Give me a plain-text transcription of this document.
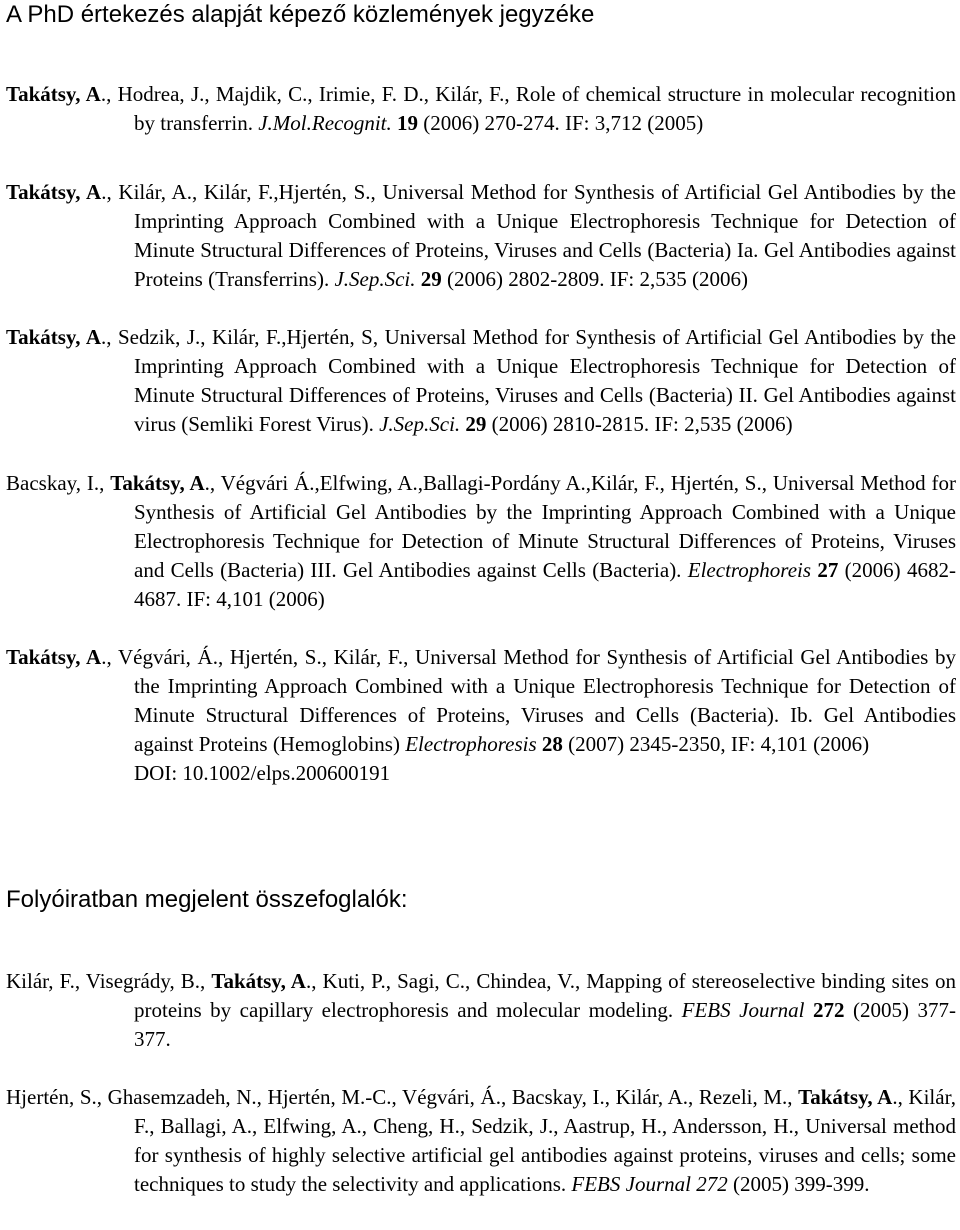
A PhD értekezés alapját képező közlemények jegyzéke
Takátsy, A., Hodrea, J., Majdik, C., Irimie, F. D., Kilár, F., Role of chemical structure in molecular recognition by transferrin. J.Mol.Recognit. 19 (2006) 270-274. IF: 3,712 (2005)
Takátsy, A., Kilár, A., Kilár, F.,Hjertén, S., Universal Method for Synthesis of Artificial Gel Antibodies by the Imprinting Approach Combined with a Unique Electrophoresis Technique for Detection of Minute Structural Differences of Proteins, Viruses and Cells (Bacteria) Ia. Gel Antibodies against Proteins (Transferrins). J.Sep.Sci. 29 (2006) 2802-2809. IF: 2,535 (2006)
Takátsy, A., Sedzik, J., Kilár, F.,Hjertén, S, Universal Method for Synthesis of Artificial Gel Antibodies by the Imprinting Approach Combined with a Unique Electrophoresis Technique for Detection of Minute Structural Differences of Proteins, Viruses and Cells (Bacteria) II. Gel Antibodies against virus (Semliki Forest Virus). J.Sep.Sci. 29 (2006) 2810-2815. IF: 2,535 (2006)
Bacskay, I., Takátsy, A., Végvári Á.,Elfwing, A.,Ballagi-Pordány A.,Kilár, F., Hjertén, S., Universal Method for Synthesis of Artificial Gel Antibodies by the Imprinting Approach Combined with a Unique Electrophoresis Technique for Detection of Minute Structural Differences of Proteins, Viruses and Cells (Bacteria) III. Gel Antibodies against Cells (Bacteria). Electrophoreis 27 (2006) 4682-4687. IF: 4,101 (2006)
Takátsy, A., Végvári, Á., Hjertén, S., Kilár, F., Universal Method for Synthesis of Artificial Gel Antibodies by the Imprinting Approach Combined with a Unique Electrophoresis Technique for Detection of Minute Structural Differences of Proteins, Viruses and Cells (Bacteria). Ib. Gel Antibodies against Proteins (Hemoglobins) Electrophoresis 28 (2007) 2345-2350, IF: 4,101 (2006)
DOI: 10.1002/elps.200600191
Folyóiratban megjelent összefoglalók:
Kilár, F., Visegrády, B., Takátsy, A., Kuti, P., Sagi, C., Chindea, V., Mapping of stereoselective binding sites on proteins by capillary electrophoresis and molecular modeling. FEBS Journal 272 (2005) 377-377.
Hjertén, S., Ghasemzadeh, N., Hjertén, M.-C., Végvári, Á., Bacskay, I., Kilár, A., Rezeli, M., Takátsy, A., Kilár, F., Ballagi, A., Elfwing, A., Cheng, H., Sedzik, J., Aastrup, H., Andersson, H., Universal method for synthesis of highly selective artificial gel antibodies against proteins, viruses and cells; some techniques to study the selectivity and applications. FEBS Journal 272 (2005) 399-399.
